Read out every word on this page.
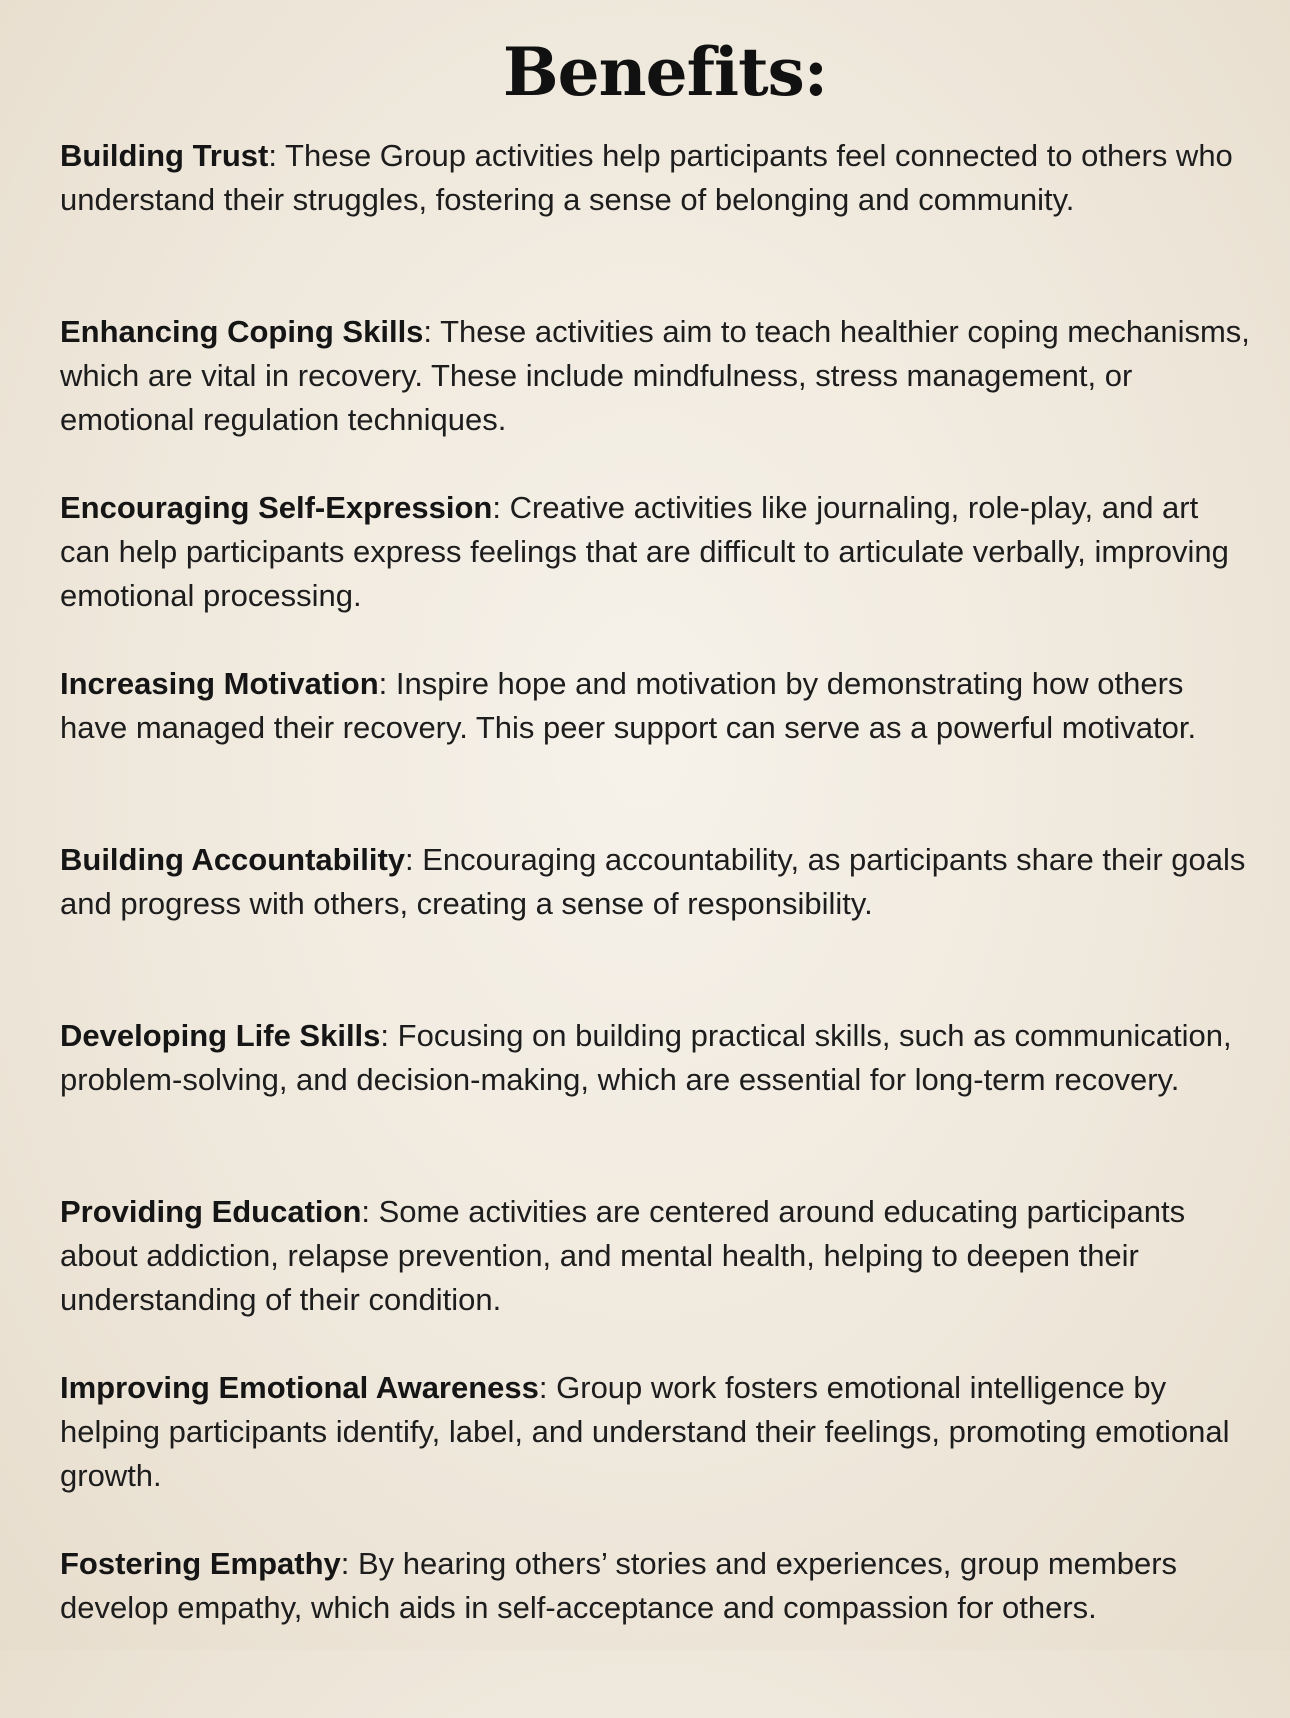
Benefits:
Building Trust: These Group activities help participants feel connected to others who understand their struggles, fostering a sense of belonging and community.
Enhancing Coping Skills: These activities aim to teach healthier coping mechanisms, which are vital in recovery. These include mindfulness, stress management, or emotional regulation techniques.
Encouraging Self-Expression: Creative activities like journaling, role-play, and art can help participants express feelings that are difficult to articulate verbally, improving emotional processing.
Increasing Motivation: Inspire hope and motivation by demonstrating how others have managed their recovery. This peer support can serve as a powerful motivator.
Building Accountability: Encouraging accountability, as participants share their goals and progress with others, creating a sense of responsibility.
Developing Life Skills: Focusing on building practical skills, such as communication, problem-solving, and decision-making, which are essential for long-term recovery.
Providing Education: Some activities are centered around educating participants about addiction, relapse prevention, and mental health, helping to deepen their understanding of their condition.
Improving Emotional Awareness: Group work fosters emotional intelligence by helping participants identify, label, and understand their feelings, promoting emotional growth.
Fostering Empathy: By hearing others’ stories and experiences, group members develop empathy, which aids in self-acceptance and compassion for others.
